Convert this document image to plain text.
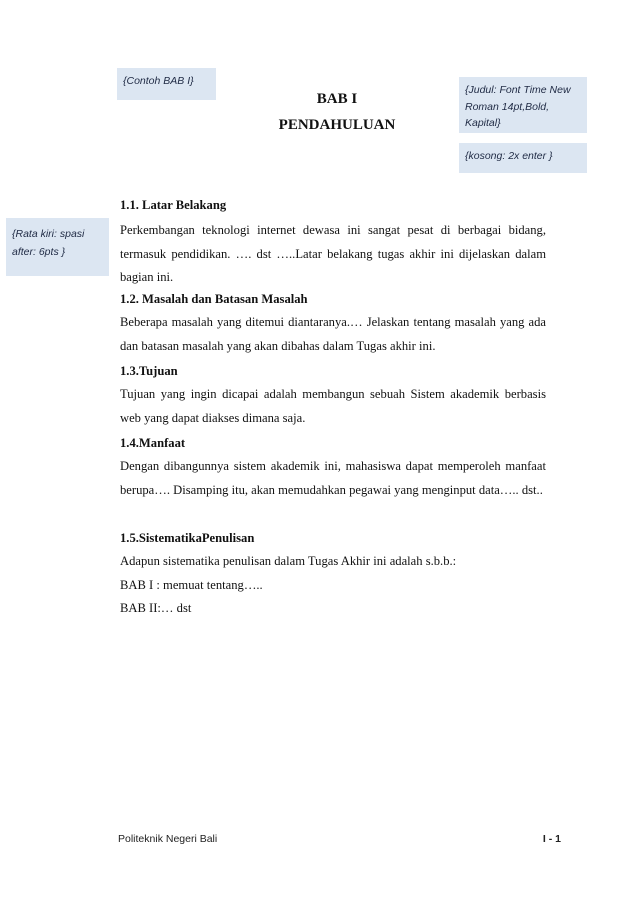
{Contoh BAB I}
{Judul: Font Time New Roman 14pt,Bold, Kapital}
{kosong: 2x enter }
{Rata kiri: spasi after: 6pts }
BAB I
PENDAHULUAN
1.1. Latar Belakang
Perkembangan teknologi internet dewasa ini sangat pesat di berbagai bidang, termasuk pendidikan. …. dst …..Latar belakang tugas akhir ini dijelaskan dalam bagian ini.
1.2. Masalah dan Batasan Masalah
Beberapa masalah yang ditemui diantaranya.… Jelaskan tentang masalah yang ada dan batasan masalah yang akan dibahas dalam Tugas akhir ini.
1.3.Tujuan
Tujuan yang ingin dicapai adalah membangun sebuah Sistem akademik berbasis web yang dapat diakses dimana saja.
1.4.Manfaat
Dengan dibangunnya sistem akademik ini, mahasiswa dapat memperoleh manfaat berupa…. Disamping itu, akan memudahkan pegawai yang menginput data….. dst..
1.5.SistematikaPenulisan
Adapun sistematika penulisan dalam Tugas Akhir ini adalah s.b.b.:
BAB I : memuat tentang…..
BAB II:… dst
Politeknik Negeri Bali	I - 1
